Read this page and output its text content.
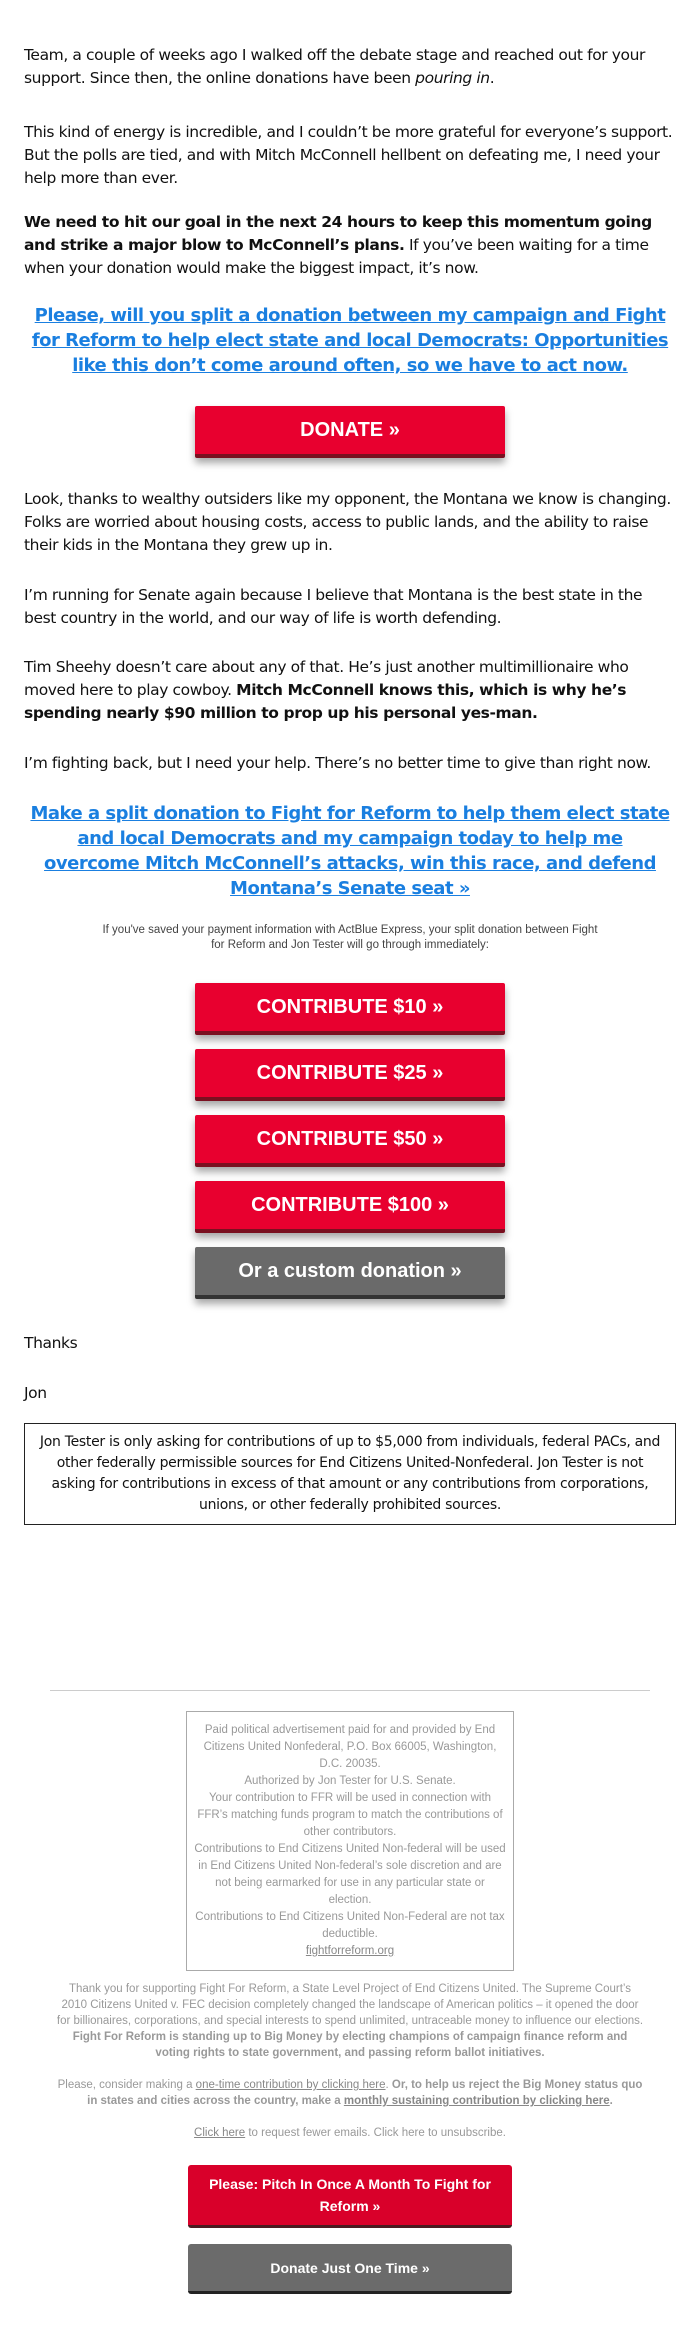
Team, a couple of weeks ago I walked off the debate stage and reached out for your support. Since then, the online donations have been pouring in.

This kind of energy is incredible, and I couldn’t be more grateful for everyone’s support. But the polls are tied, and with Mitch McConnell hellbent on defeating me, I need your help more than ever.

We need to hit our goal in the next 24 hours to keep this momentum going and strike a major blow to McConnell’s plans. If you’ve been waiting for a time when your donation would make the biggest impact, it’s now.

Please, will you split a donation between my campaign and Fight for Reform to help elect state and local Democrats: Opportunities like this don’t come around often, so we have to act now.
DONATE »

Look, thanks to wealthy outsiders like my opponent, the Montana we know is changing. Folks are worried about housing costs, access to public lands, and the ability to raise their kids in the Montana they grew up in.

I’m running for Senate again because I believe that Montana is the best state in the best country in the world, and our way of life is worth defending.

Tim Sheehy doesn’t care about any of that. He’s just another multimillionaire who moved here to play cowboy. Mitch McConnell knows this, which is why he’s spending nearly $90 million to prop up his personal yes-man.

I’m fighting back, but I need your help. There’s no better time to give than right now.

Make a split donation to Fight for Reform to help them elect state and local Democrats and my campaign today to help me overcome Mitch McConnell’s attacks, win this race, and defend Montana’s Senate seat »

If you've saved your payment information with ActBlue Express, your split donation between Fight for Reform and Jon Tester will go through immediately:

CONTRIBUTE $10 »
CONTRIBUTE $25 »
CONTRIBUTE $50 »
CONTRIBUTE $100 »
Or a custom donation »

Thanks

Jon

Jon Tester is only asking for contributions of up to $5,000 from individuals, federal PACs, and other federally permissible sources for End Citizens United-Nonfederal. Jon Tester is not asking for contributions in excess of that amount or any contributions from corporations, unions, or other federally prohibited sources.
Paid political advertisement paid for and provided by End Citizens United Nonfederal, P.O. Box 66005, Washington, D.C. 20035.
Authorized by Jon Tester for U.S. Senate.
Your contribution to FFR will be used in connection with FFR’s matching funds program to match the contributions of other contributors.
Contributions to End Citizens United Non-federal will be used in End Citizens United Non-federal’s sole discretion and are not being earmarked for use in any particular state or election.
Contributions to End Citizens United Non-Federal are not tax deductible.
fightforreform.org

Thank you for supporting Fight For Reform, a State Level Project of End Citizens United. The Supreme Court’s 2010 Citizens United v. FEC decision completely changed the landscape of American politics – it opened the door for billionaires, corporations, and special interests to spend unlimited, untraceable money to influence our elections. Fight For Reform is standing up to Big Money by electing champions of campaign finance reform and voting rights to state government, and passing reform ballot initiatives.

Please, consider making a one-time contribution by clicking here. Or, to help us reject the Big Money status quo in states and cities across the country, make a monthly sustaining contribution by clicking here.

Click here to request fewer emails. Click here to unsubscribe.

Please: Pitch In Once A Month To Fight for Reform »
Donate Just One Time »
